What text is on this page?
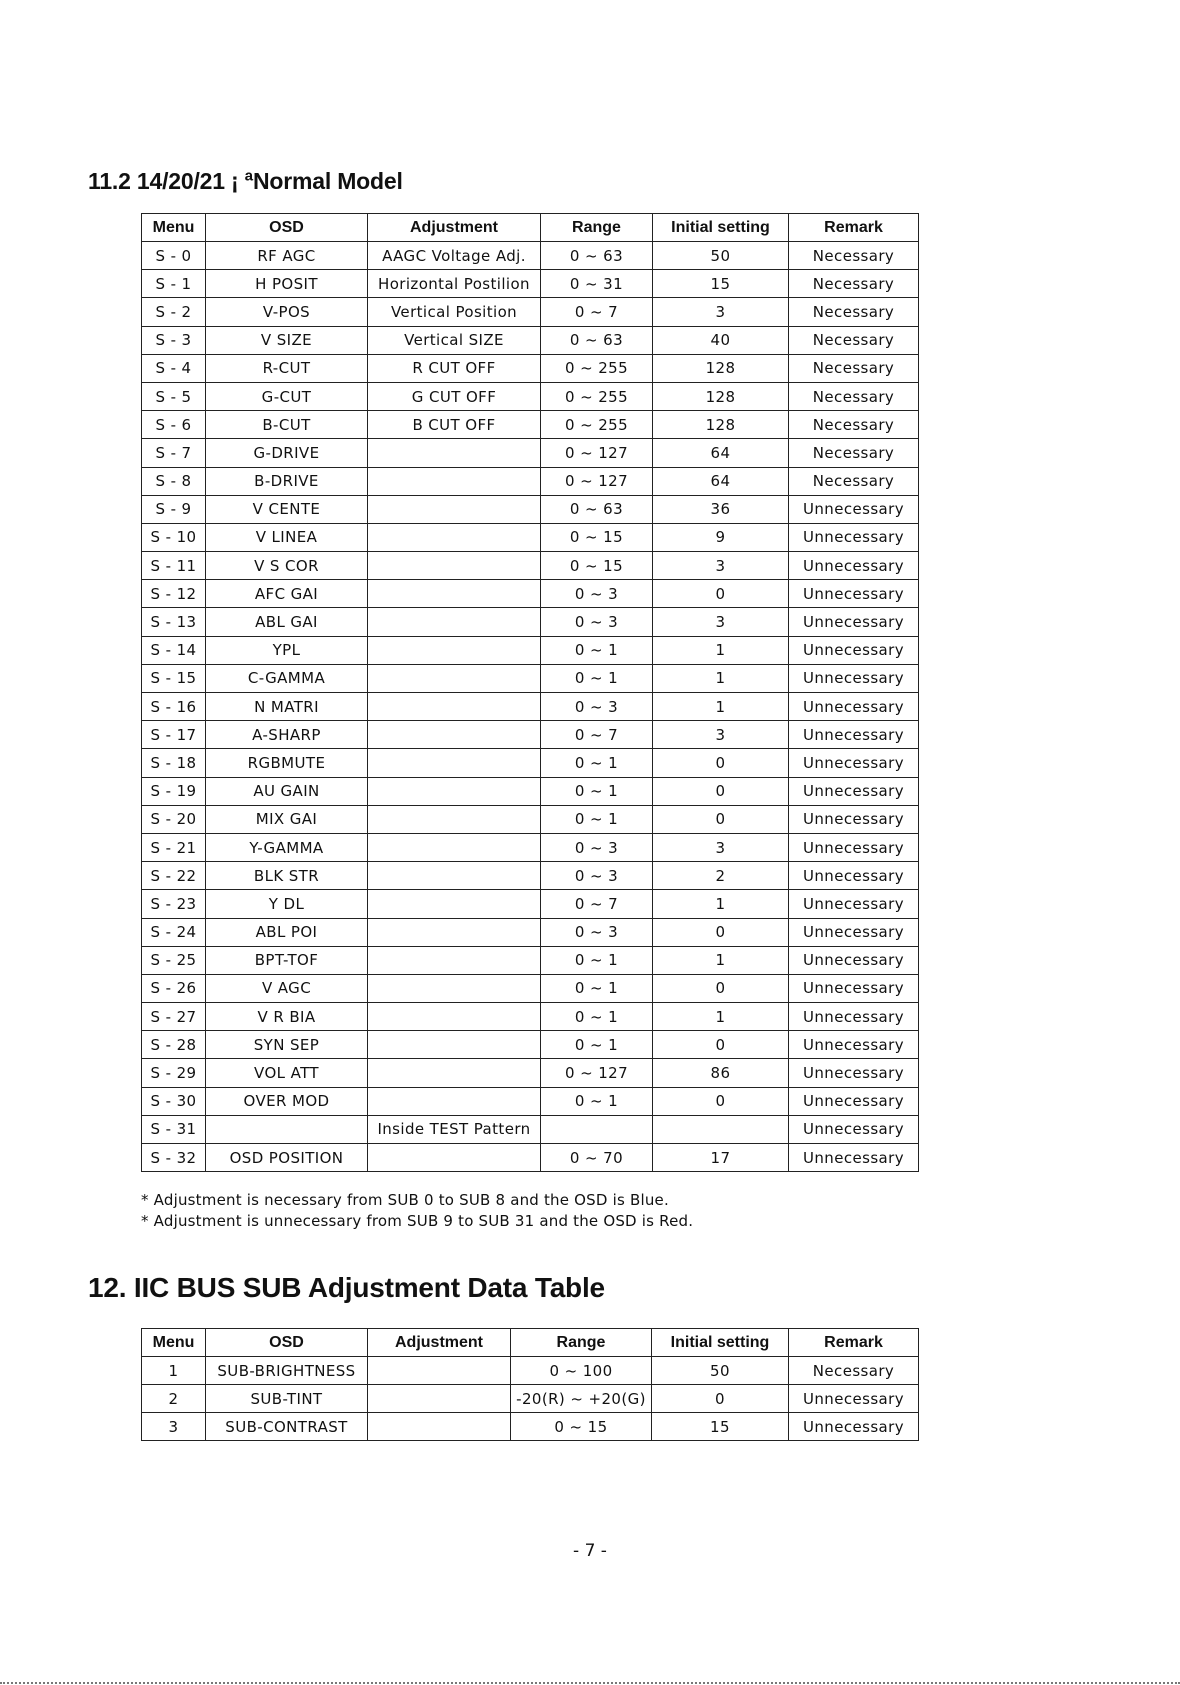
11.2 14/20/21 ¡ ªNormal Model
Menu	OSD	Adjustment	Range	Initial setting	Remark
S - 0	RF AGC	AAGC Voltage Adj.	0 ~ 63	50	Necessary
S - 1	H POSIT	Horizontal Postilion	0 ~ 31	15	Necessary
S - 2	V-POS	Vertical Position	0 ~ 7	3	Necessary
S - 3	V SIZE	Vertical SIZE	0 ~ 63	40	Necessary
S - 4	R-CUT	R CUT OFF	0 ~ 255	128	Necessary
S - 5	G-CUT	G CUT OFF	0 ~ 255	128	Necessary
S - 6	B-CUT	B CUT OFF	0 ~ 255	128	Necessary
S - 7	G-DRIVE		0 ~ 127	64	Necessary
S - 8	B-DRIVE		0 ~ 127	64	Necessary
S - 9	V CENTE		0 ~ 63	36	Unnecessary
S - 10	V LINEA		0 ~ 15	9	Unnecessary
S - 11	V S COR		0 ~ 15	3	Unnecessary
S - 12	AFC GAI		0 ~ 3	0	Unnecessary
S - 13	ABL GAI		0 ~ 3	3	Unnecessary
S - 14	YPL		0 ~ 1	1	Unnecessary
S - 15	C-GAMMA		0 ~ 1	1	Unnecessary
S - 16	N MATRI		0 ~ 3	1	Unnecessary
S - 17	A-SHARP		0 ~ 7	3	Unnecessary
S - 18	RGBMUTE		0 ~ 1	0	Unnecessary
S - 19	AU GAIN		0 ~ 1	0	Unnecessary
S - 20	MIX GAI		0 ~ 1	0	Unnecessary
S - 21	Y-GAMMA		0 ~ 3	3	Unnecessary
S - 22	BLK STR		0 ~ 3	2	Unnecessary
S - 23	Y DL		0 ~ 7	1	Unnecessary
S - 24	ABL POI		0 ~ 3	0	Unnecessary
S - 25	BPT-TOF		0 ~ 1	1	Unnecessary
S - 26	V AGC		0 ~ 1	0	Unnecessary
S - 27	V R BIA		0 ~ 1	1	Unnecessary
S - 28	SYN SEP		0 ~ 1	0	Unnecessary
S - 29	VOL ATT		0 ~ 127	86	Unnecessary
S - 30	OVER MOD		0 ~ 1	0	Unnecessary
S - 31		Inside TEST Pattern			Unnecessary
S - 32	OSD POSITION		0 ~ 70	17	Unnecessary

* Adjustment is necessary from SUB 0 to SUB 8 and the OSD is Blue.

* Adjustment is unnecessary from SUB 9 to SUB 31 and the OSD is Red.

12. IIC BUS SUB Adjustment Data Table
Menu	OSD	Adjustment	Range	Initial setting	Remark
1	SUB-BRIGHTNESS		0 ~ 100	50	Necessary
2	SUB-TINT		-20(R) ~ +20(G)	0	Unnecessary
3	SUB-CONTRAST		0 ~ 15	15	Unnecessary
- 7 -
